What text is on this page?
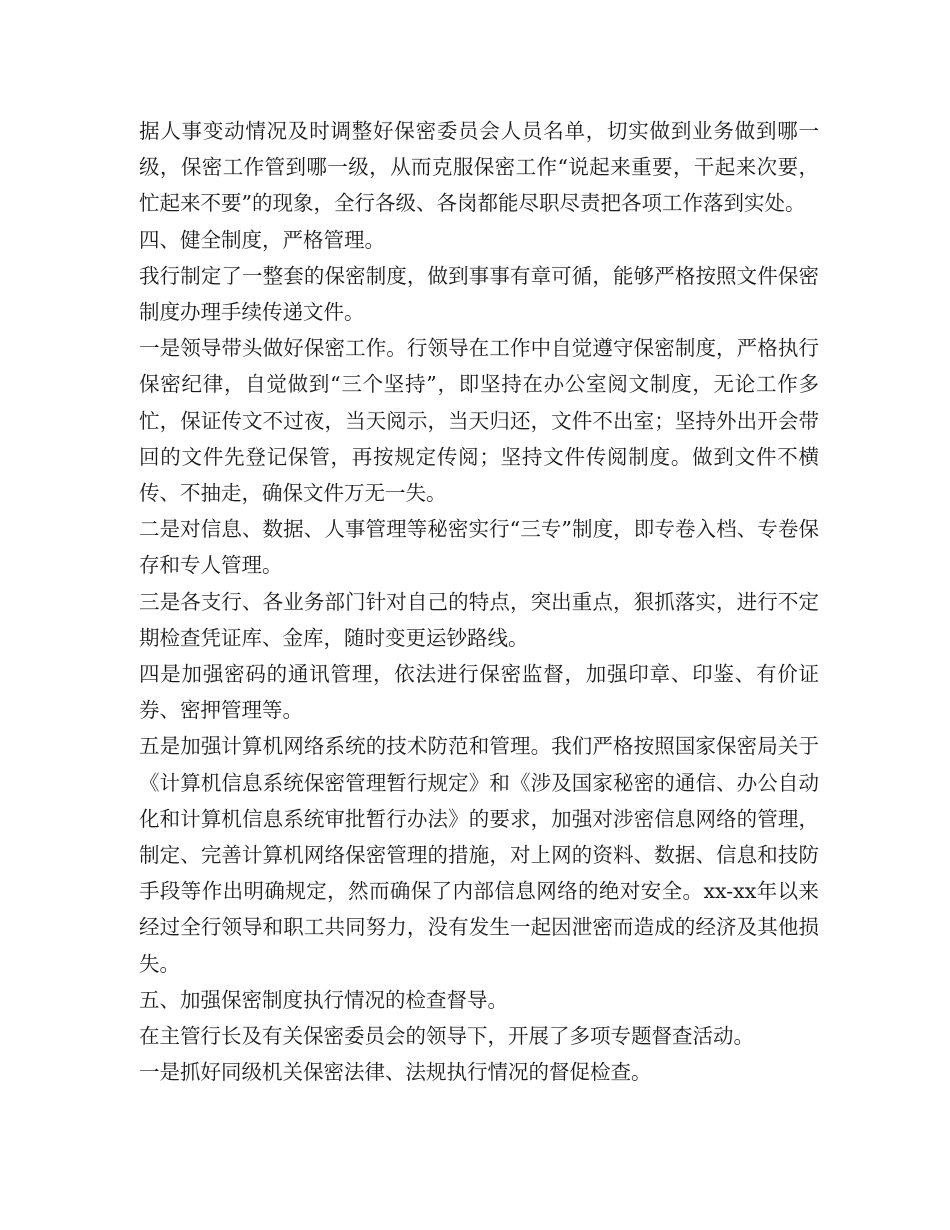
据人事变动情况及时调整好保密委员会人员名单，切实做到业务做到哪一级，保密工作管到哪一级，从而克服保密工作“说起来重要，干起来次要，忙起来不要”的现象，全行各级、各岗都能尽职尽责把各项工作落到实处。

四、健全制度，严格管理。

我行制定了一整套的保密制度，做到事事有章可循，能够严格按照文件保密制度办理手续传递文件。

一是领导带头做好保密工作。行领导在工作中自觉遵守保密制度，严格执行保密纪律，自觉做到“三个坚持”，即坚持在办公室阅文制度，无论工作多忙，保证传文不过夜，当天阅示，当天归还，文件不出室；坚持外出开会带回的文件先登记保管，再按规定传阅；坚持文件传阅制度。做到文件不横传、不抽走，确保文件万无一失。

二是对信息、数据、人事管理等秘密实行“三专”制度，即专卷入档、专卷保存和专人管理。

三是各支行、各业务部门针对自己的特点，突出重点，狠抓落实，进行不定期检查凭证库、金库，随时变更运钞路线。

四是加强密码的通讯管理，依法进行保密监督，加强印章、印鉴、有价证券、密押管理等。

五是加强计算机网络系统的技术防范和管理。我们严格按照国家保密局关于《计算机信息系统保密管理暂行规定》和《涉及国家秘密的通信、办公自动化和计算机信息系统审批暂行办法》的要求，加强对涉密信息网络的管理，制定、完善计算机网络保密管理的措施，对上网的资料、数据、信息和技防手段等作出明确规定，然而确保了内部信息网络的绝对安全。xx-xx年以来经过全行领导和职工共同努力，没有发生一起因泄密而造成的经济及其他损失。

五、加强保密制度执行情况的检查督导。

在主管行长及有关保密委员会的领导下，开展了多项专题督查活动。

一是抓好同级机关保密法律、法规执行情况的督促检查。
